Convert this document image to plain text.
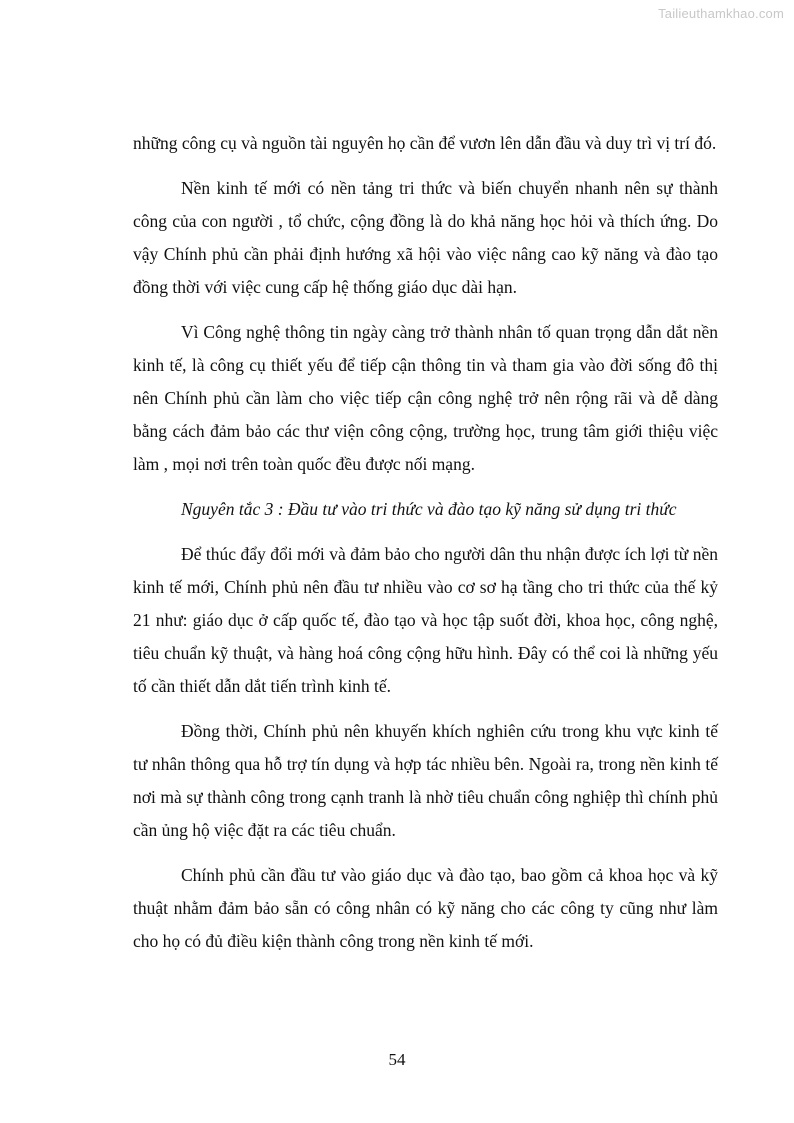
Tailieuthamkhao.com

những công cụ và nguồn tài nguyên họ cần để vươn lên dẫn đầu và duy trì vị trí đó.

Nền kinh tế mới có nền tảng tri thức và biến chuyển nhanh nên sự thành công của con người , tổ chức, cộng đồng là do khả năng học hỏi và thích ứng. Do vậy Chính phủ cần phải định hướng xã hội vào việc nâng cao kỹ năng và đào tạo đồng thời với việc cung cấp hệ thống giáo dục dài hạn.

Vì Công nghệ thông tin ngày càng trở thành nhân tố quan trọng dẫn dắt nền kinh tế, là công cụ thiết yếu để tiếp cận thông tin và tham gia vào đời sống đô thị nên Chính phủ cần làm cho việc tiếp cận công nghệ trở nên rộng rãi và dễ dàng bằng cách đảm bảo các thư viện công cộng, trường học, trung tâm giới thiệu việc làm , mọi nơi trên toàn quốc đều được nối mạng.

Nguyên tắc 3 : Đầu tư vào tri thức và đào tạo kỹ năng sử dụng tri thức

Để thúc đẩy đổi mới và đảm bảo cho người dân thu nhận được ích lợi từ nền kinh tế mới, Chính phủ nên đầu tư nhiều vào cơ sơ hạ tầng cho tri thức của thế kỷ 21 như: giáo dục ở cấp quốc tế, đào tạo và học tập suốt đời, khoa học, công nghệ, tiêu chuẩn kỹ thuật, và hàng hoá công cộng hữu hình. Đây có thể coi là những yếu tố cần thiết dẫn dắt tiến trình kinh tế.

Đồng thời, Chính phủ nên khuyến khích nghiên cứu trong khu vực kinh tế tư nhân thông qua hỗ trợ tín dụng và hợp tác nhiều bên. Ngoài ra, trong nền kinh tế nơi mà sự thành công trong cạnh tranh là nhờ tiêu chuẩn công nghiệp thì chính phủ cần ủng hộ việc đặt ra các tiêu chuẩn.

Chính phủ cần đầu tư vào giáo dục và đào tạo, bao gồm cả khoa học và kỹ thuật nhằm đảm bảo sẵn có công nhân có kỹ năng cho các công ty cũng như làm cho họ có đủ điều kiện thành công trong nền kinh tế mới.

54
